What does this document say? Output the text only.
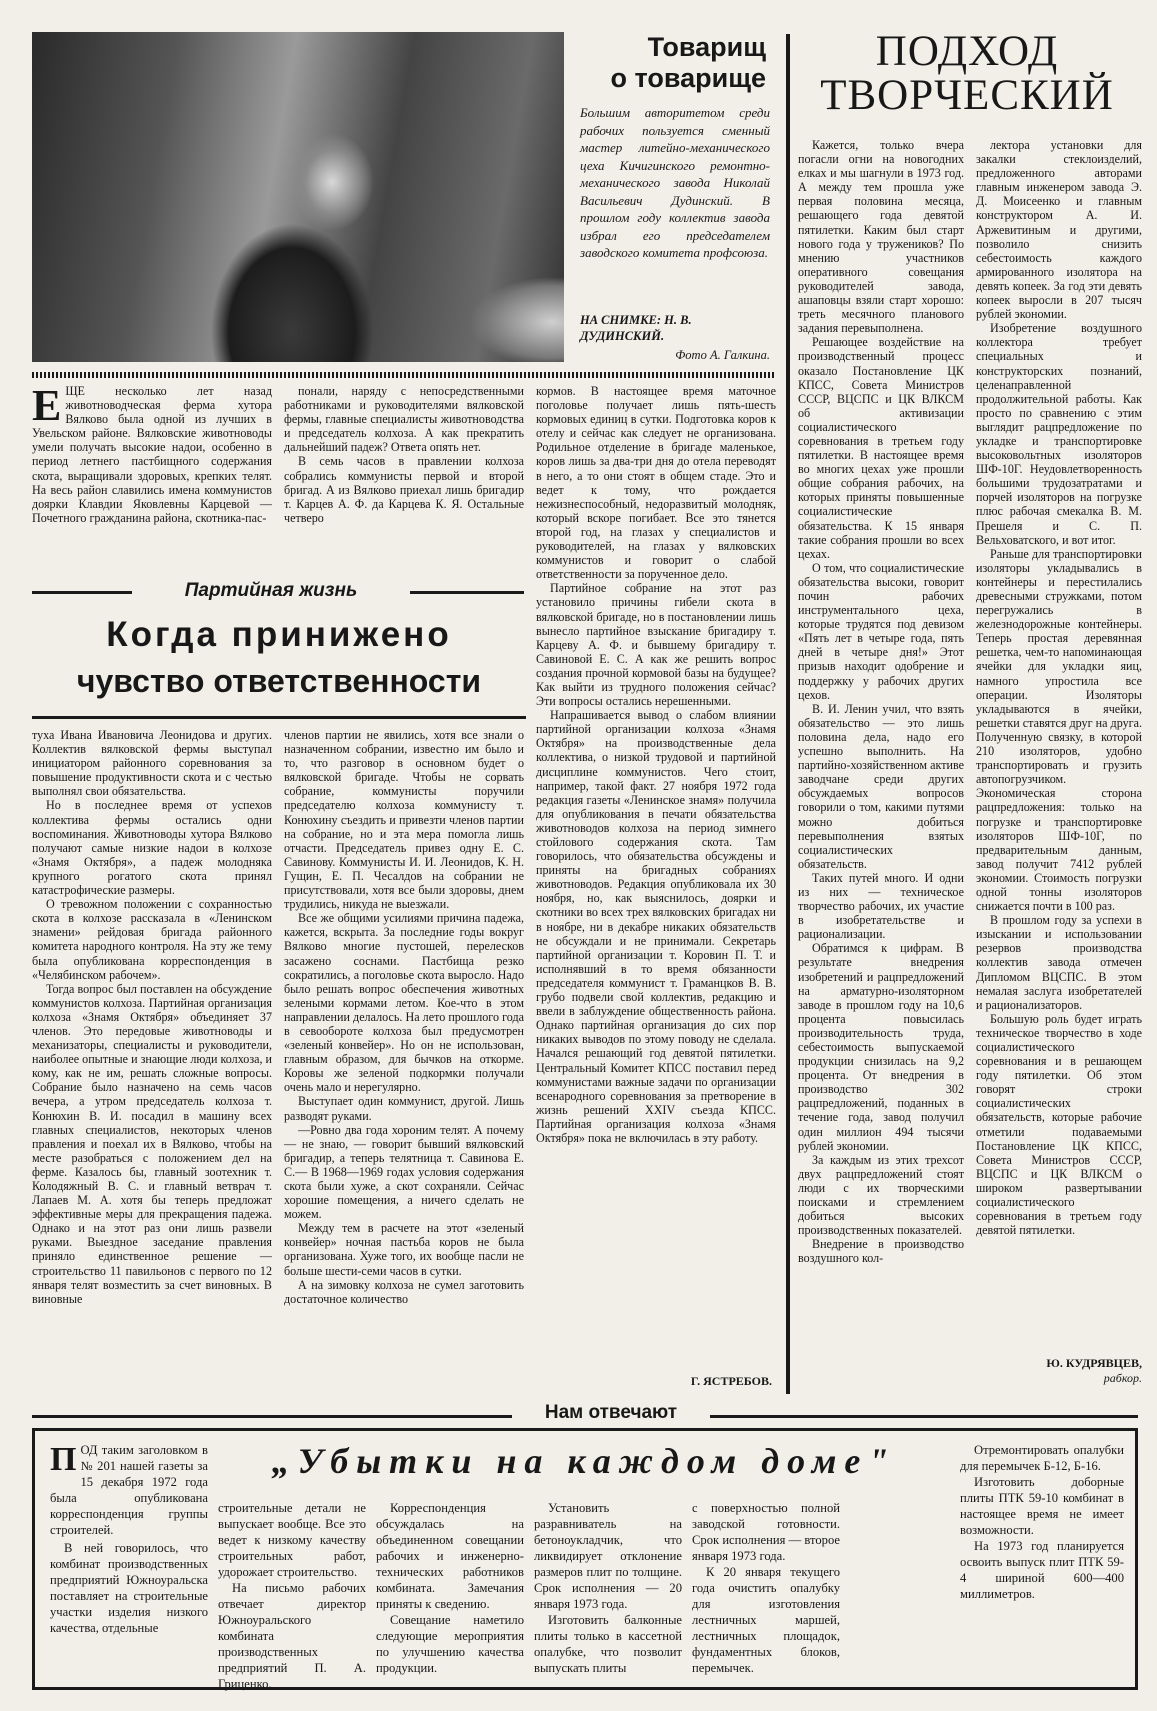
Товарищ
о товарище
Большим авторитетом среди рабочих пользуется сменный мастер литейно-механического цеха Кичигинского ремонтно-механического завода Николай Васильевич Дудинский. В прошлом году коллектив завода избрал его председателем заводского комитета профсоюза.
НА СНИМКЕ: Н. В. ДУДИНСКИЙ.
Фото А. Галкина.
ПОДХОД
ТВОРЧЕСКИЙ

Кажется, только вчера погасли огни на новогодних елках и мы шагнули в 1973 год. А между тем прошла уже первая половина месяца, решающего года девятой пятилетки. Каким был старт нового года у тружеников? По мнению участников оперативного совещания руководителей завода, ашаповцы взяли старт хорошо: треть месячного планового задания перевыполнена.

Решающее воздействие на производственный процесс оказало Постановление ЦК КПСС, Совета Министров СССР, ВЦСПС и ЦК ВЛКСМ об активизации социалистического соревнования в третьем году пятилетки. В настоящее время во многих цехах уже прошли общие собрания рабочих, на которых приняты повышенные социалистические обязательства. К 15 января такие собрания прошли во всех цехах.

О том, что социалистические обязательства высоки, говорит почин рабочих инструментального цеха, которые трудятся под девизом «Пять лет в четыре года, пять дней в четыре дня!» Этот призыв находит одобрение и поддержку у рабочих других цехов.

В. И. Ленин учил, что взять обязательство — это лишь половина дела, надо его успешно выполнить. На партийно-хозяйственном активе заводчане среди других обсуждаемых вопросов говорили о том, какими путями можно добиться перевыполнения взятых социалистических обязательств.

Таких путей много. И одни из них — техническое творчество рабочих, их участие в изобретательстве и рационализации.

Обратимся к цифрам. В результате внедрения изобретений и рацпредложений на арматурно-изоляторном заводе в прошлом году на 10,6 процента повысилась производительность труда, себестоимость выпускаемой продукции снизилась на 9,2 процента. От внедрения в производство 302 рацпредложений, поданных в течение года, завод получил один миллион 494 тысячи рублей экономии.

За каждым из этих трехсот двух рацпредложений стоят люди с их творческими поисками и стремлением добиться высоких производственных показателей.

Внедрение в производство воздушного кол-

лектора установки для закалки стеклоизделий, предложенного авторами главным инженером завода Э. Д. Моисеенко и главным конструктором А. И. Аржевитиным и другими, позволило снизить себестоимость каждого армированного изолятора на девять копеек. За год эти девять копеек выросли в 207 тысяч рублей экономии.

Изобретение воздушного коллектора требует специальных и конструкторских познаний, целенаправленной продолжительной работы. Как просто по сравнению с этим выглядит рацпредложение по укладке и транспортировке высоковольтных изоляторов ШФ-10Г. Неудовлетворенность большими трудозатратами и порчей изоляторов на погрузке плюс рабочая смекалка В. М. Прешеля и С. П. Вельховатского, и вот итог.

Раньше для транспортировки изоляторы укладывались в контейнеры и перестилались древесными стружками, потом перегружались в железнодорожные контейнеры. Теперь простая деревянная решетка, чем-то напоминающая ячейки для укладки яиц, намного упростила все операции. Изоляторы укладываются в ячейки, решетки ставятся друг на друга. Полученную связку, в которой 210 изоляторов, удобно транспортировать и грузить автопогрузчиком. Экономическая сторона рацпредложения: только на погрузке и транспортировке изоляторов ШФ-10Г, по предварительным данным, завод получит 7412 рублей экономии. Стоимость погрузки одной тонны изоляторов снижается почти в 100 раз.

В прошлом году за успехи в изыскании и использовании резервов производства коллектив завода отмечен Дипломом ВЦСПС. В этом немалая заслуга изобретателей и рационализаторов.

Большую роль будет играть техническое творчество в ходе социалистического соревнования и в решающем году пятилетки. Об этом говорят строки социалистических обязательств, которые рабочие отметили подаваемыми Постановление ЦК КПСС, Совета Министров СССР, ВЦСПС и ЦК ВЛКСМ о широком развертывании социалистического соревнования в третьем году девятой пятилетки.

Ю. КУДРЯВЦЕВ,
рабкор.
Е ЩЕ несколько лет назад животноводческая ферма хутора Вялково была одной из лучших в Увельском районе. Вялковские животноводы умели получать высокие надои, особенно в период летнего пастбищного содержания скота, выращивали здоровых, крепких телят. На весь район славились имена коммунистов доярки Клавдии Яковлевны Карцевой — Почетного гражданина района, скотника-пас-

понали, наряду с непосредственными работниками и руководителями вялковской фермы, главные специалисты животноводства и председатель колхоза. А как прекратить дальнейший падеж? Ответа опять нет.

В семь часов в правлении колхоза собрались коммунисты первой и второй бригад. А из Вялково приехал лишь бригадир т. Карцев А. Ф. да Карцева К. Я. Остальные четверо

Партийная жизнь
Когда принижено
чувство ответственности

туха Ивана Ивановича Леонидова и других. Коллектив вялковской фермы выступал инициатором районного соревнования за повышение продуктивности скота и с честью выполнял свои обязательства.

Но в последнее время от успехов коллектива фермы остались одни воспоминания. Животноводы хутора Вялково получают самые низкие надои в колхозе «Знамя Октября», а падеж молодняка крупного рогатого скота принял катастрофические размеры.

О тревожном положении с сохранностью скота в колхозе рассказала в «Ленинском знамени» рейдовая бригада районного комитета народного контроля. На эту же тему была опубликована корреспонденция в «Челябинском рабочем».

Тогда вопрос был поставлен на обсуждение коммунистов колхоза. Партийная организация колхоза «Знамя Октября» объединяет 37 членов. Это передовые животноводы и механизаторы, специалисты и руководители, наиболее опытные и знающие люди колхоза, и кому, как не им, решать сложные вопросы. Собрание было назначено на семь часов вечера, а утром председатель колхоза т. Конюхин В. И. посадил в машину всех главных специалистов, некоторых членов правления и поехал их в Вялково, чтобы на месте разобраться с положением дел на ферме. Казалось бы, главный зоотехник т. Колодяжный В. С. и главный ветврач т. Лапаев М. А. хотя бы теперь предложат эффективные меры для прекращения падежа. Однако и на этот раз они лишь развели руками. Выездное заседание правления приняло единственное решение — строительство 11 павильонов с первого по 12 января телят возместить за счет виновных. В виновные

членов партии не явились, хотя все знали о назначенном собрании, известно им было и то, что разговор в основном будет о вялковской бригаде. Чтобы не сорвать собрание, коммунисты поручили председателю колхоза коммунисту т. Конюхину съездить и привезти членов партии на собрание, но и эта мера помогла лишь отчасти. Председатель привез одну Е. С. Савинову. Коммунисты И. И. Леонидов, К. Н. Гущин, Е. П. Чесалдов на собрании не присутствовали, хотя все были здоровы, днем трудились, никуда не выезжали.

Все же общими усилиями причина падежа, кажется, вскрыта. За последние годы вокруг Вялково многие пустошей, перелесков засажено соснами. Пастбища резко сократились, а поголовье скота выросло. Надо было решать вопрос обеспечения животных зелеными кормами летом. Кое-что в этом направлении делалось. На лето прошлого года в севообороте колхоза был предусмотрен «зеленый конвейер». Но он не использован, главным образом, для бычков на откорме. Коровы же зеленой подкормки получали очень мало и нерегулярно.

Выступает один коммунист, другой. Лишь разводят руками.

—Ровно два года хороним телят. А почему — не знаю, — говорит бывший вялковский бригадир, а теперь телятница т. Савинова Е. С.— В 1968—1969 годах условия содержания скота были хуже, а скот сохраняли. Сейчас хорошие помещения, а ничего сделать не можем.

Между тем в расчете на этот «зеленый конвейер» ночная пастьба коров не была организована. Хуже того, их вообще пасли не больше шести-семи часов в сутки.

А на зимовку колхоза не сумел заготовить достаточное количество

кормов. В настоящее время маточное поголовье получает лишь пять-шесть кормовых единиц в сутки. Подготовка коров к отелу и сейчас как следует не организована. Родильное отделение в бригаде маленькое, коров лишь за два-три дня до отела переводят в него, а то они стоят в общем стаде. Это и ведет к тому, что рождается нежизнеспособный, недоразвитый молодняк, который вскоре погибает. Все это тянется второй год, на глазах у специалистов и руководителей, на глазах у вялковских коммунистов и говорит о слабой ответственности за порученное дело.

Партийное собрание на этот раз установило причины гибели скота в вялковской бригаде, но в постановлении лишь вынесло партийное взыскание бригадиру т. Карцеву А. Ф. и бывшему бригадиру т. Савиновой Е. С. А как же решить вопрос создания прочной кормовой базы на будущее? Как выйти из трудного положения сейчас? Эти вопросы остались нерешенными.

Напрашивается вывод о слабом влиянии партийной организации колхоза «Знамя Октября» на производственные дела коллектива, о низкой трудовой и партийной дисциплине коммунистов. Чего стоит, например, такой факт. 27 ноября 1972 года редакция газеты «Ленинское знамя» получила для опубликования в печати обязательства животноводов колхоза на период зимнего стойлового содержания скота. Там говорилось, что обязательства обсуждены и приняты на бригадных собраниях животноводов. Редакция опубликовала их 30 ноября, но, как выяснилось, доярки и скотники во всех трех вялковских бригадах ни в ноябре, ни в декабре никаких обязательств не обсуждали и не принимали. Секретарь партийной организации т. Коровин П. Т. и исполнявший в то время обязанности председателя коммунист т. Граманцков В. В. грубо подвели свой коллектив, редакцию и ввели в заблуждение общественность района. Однако партийная организация до сих пор никаких выводов по этому поводу не сделала. Начался решающий год девятой пятилетки. Центральный Комитет КПСС поставил перед коммунистами важные задачи по организации всенародного соревнования за претворение в жизнь решений XXIV съезда КПСС. Партийная организация колхоза «Знамя Октября» пока не включилась в эту работу.

Г. ЯСТРЕБОВ.
Нам отвечают
П ОД таким заголовком в № 201 нашей газеты за 15 декабря 1972 года была опубликована корреспонденция группы строителей.

В ней говорилось, что комбинат производственных предприятий Южноуральска поставляет на строительные участки изделия низкого качества, отдельные

„Убытки на каждом доме"

строительные детали не выпускает вообще. Все это ведет к низкому качеству строительных работ, удорожает строительство.

На письмо рабочих отвечает директор Южноуральского комбината производственных предприятий П. А. Гриценко.

Корреспонденция обсуждалась на объединенном совещании рабочих и инженерно-технических работников комбината. Замечания приняты к сведению.

Совещание наметило следующие мероприятия по улучшению качества продукции.

Установить разравниватель на бетоноукладчик, что ликвидирует отклонение размеров плит по толщине. Срок исполнения — 20 января 1973 года.

Изготовить балконные плиты только в кассетной опалубке, что позволит выпускать плиты

с поверхностью полной заводской готовности. Срок исполнения — второе января 1973 года.

К 20 января текущего года очистить опалубку для изготовления лестничных маршей, лестничных площадок, фундаментных блоков, перемычек.

Отремонтировать опалубки для перемычек Б-12, Б-16.

Изготовить доборные плиты ПТК 59-10 комбинат в настоящее время не имеет возможности.

На 1973 год планируется освоить выпуск плит ПТК 59-4 шириной 600—400 миллиметров.
